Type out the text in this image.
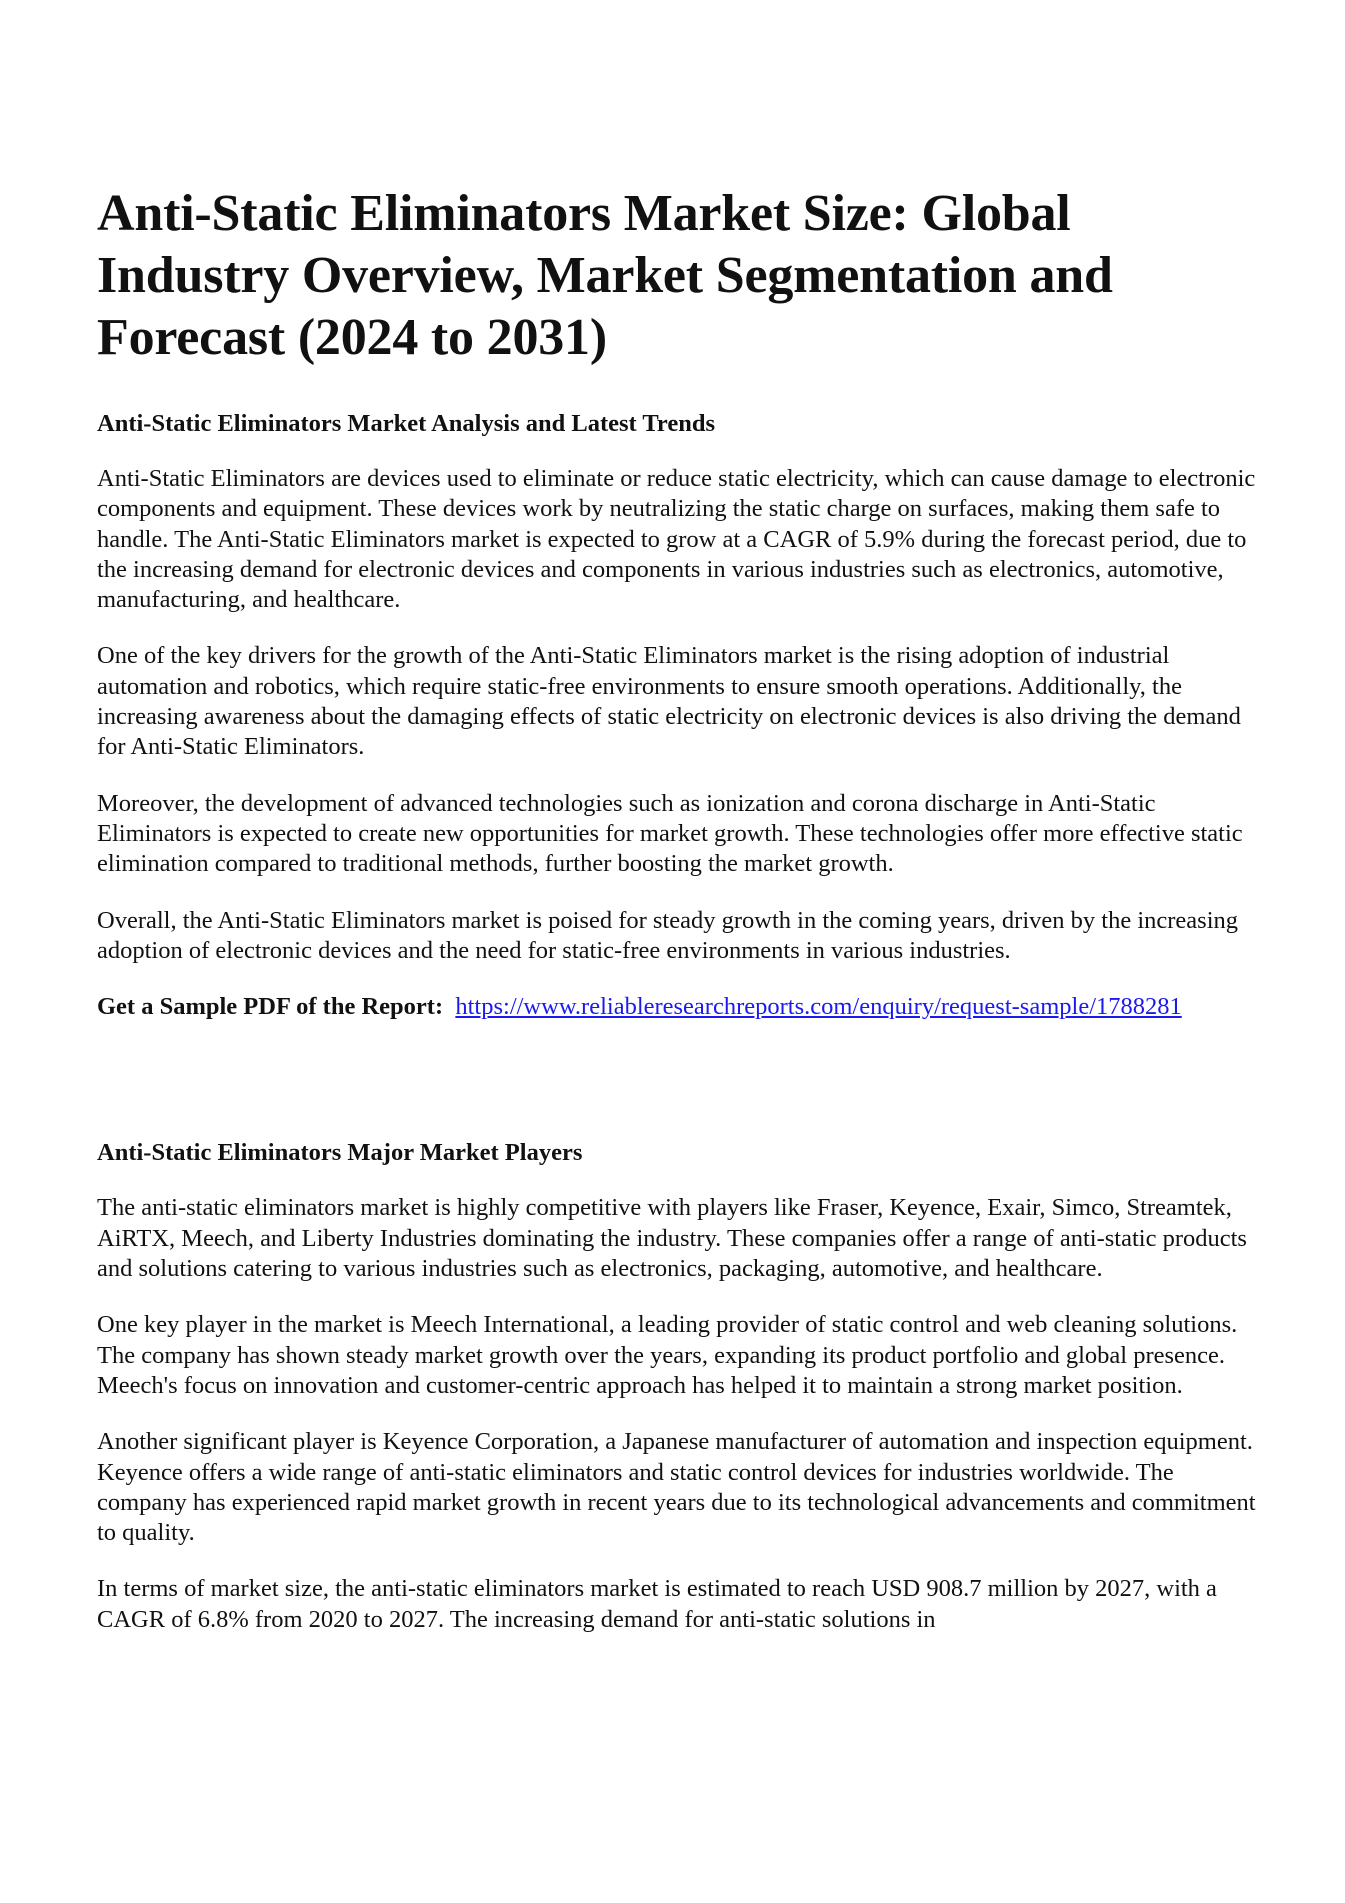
Anti-Static Eliminators Market Size: Global Industry Overview, Market Segmentation and Forecast (2024 to 2031)
Anti-Static Eliminators Market Analysis and Latest Trends

Anti-Static Eliminators are devices used to eliminate or reduce static electricity, which can cause damage to electronic components and equipment. These devices work by neutralizing the static charge on surfaces, making them safe to handle. The Anti-Static Eliminators market is expected to grow at a CAGR of 5.9% during the forecast period, due to the increasing demand for electronic devices and components in various industries such as electronics, automotive, manufacturing, and healthcare.

One of the key drivers for the growth of the Anti-Static Eliminators market is the rising adoption of industrial automation and robotics, which require static-free environments to ensure smooth operations. Additionally, the increasing awareness about the damaging effects of static electricity on electronic devices is also driving the demand for Anti-Static Eliminators.

Moreover, the development of advanced technologies such as ionization and corona discharge in Anti-Static Eliminators is expected to create new opportunities for market growth. These technologies offer more effective static elimination compared to traditional methods, further boosting the market growth.

Overall, the Anti-Static Eliminators market is poised for steady growth in the coming years, driven by the increasing adoption of electronic devices and the need for static-free environments in various industries.

Get a Sample PDF of the Report: https://www.reliableresearchreports.com/enquiry/request-sample/1788281

Anti-Static Eliminators Major Market Players

The anti-static eliminators market is highly competitive with players like Fraser, Keyence, Exair, Simco, Streamtek, AiRTX, Meech, and Liberty Industries dominating the industry. These companies offer a range of anti-static products and solutions catering to various industries such as electronics, packaging, automotive, and healthcare.

One key player in the market is Meech International, a leading provider of static control and web cleaning solutions. The company has shown steady market growth over the years, expanding its product portfolio and global presence. Meech's focus on innovation and customer-centric approach has helped it to maintain a strong market position.

Another significant player is Keyence Corporation, a Japanese manufacturer of automation and inspection equipment. Keyence offers a wide range of anti-static eliminators and static control devices for industries worldwide. The company has experienced rapid market growth in recent years due to its technological advancements and commitment to quality.

In terms of market size, the anti-static eliminators market is estimated to reach USD 908.7 million by 2027, with a CAGR of 6.8% from 2020 to 2027. The increasing demand for anti-static solutions in
